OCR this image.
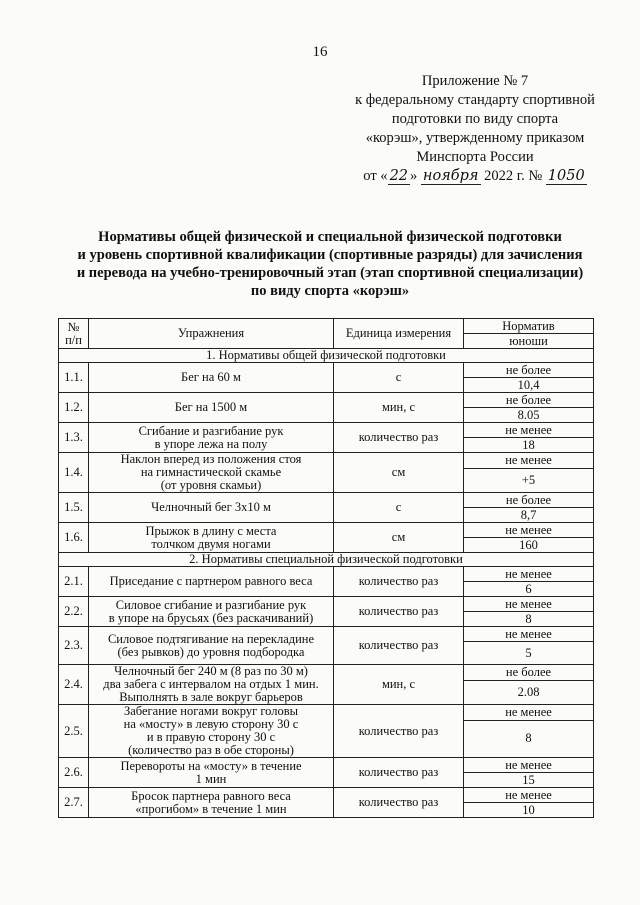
16
Приложение № 7
к федеральному стандарту спортивной
подготовки по виду спорта
«корэш», утвержденному приказом
Минспорта России
от « 22 » ноября 2022 г. № 1050
Нормативы общей физической и специальной физической подготовки
и уровень спортивной квалификации (спортивные разряды) для зачисления
и перевода на учебно-тренировочный этап (этап спортивной специализации)
по виду спорта «корэш»
№ п/п	Упражнения	Единица измерения	Норматив
			юноши
1. Нормативы общей физической подготовки			
1.1.	Бег на 60 м	с	не более
			10,4
1.2.	Бег на 1500 м	мин, с	не более
			8.05
1.3.	Сгибание и разгибание рук
в упоре лежа на полу	количество раз	не менее
			18
1.4.	Наклон вперед из положения стоя
на гимнастической скамье
(от уровня скамьи)	см	не менее
			+5
1.5.	Челночный бег 3х10 м	с	не более
			8,7
1.6.	Прыжок в длину с места
толчком двумя ногами	см	не менее
			160
2. Нормативы специальной физической подготовки			
2.1.	Приседание с партнером равного веса	количество раз	не менее
			6
2.2.	Силовое сгибание и разгибание рук
в упоре на брусьях (без раскачиваний)	количество раз	не менее
			8
2.3.	Силовое подтягивание на перекладине
(без рывков) до уровня подбородка	количество раз	не менее
			5
2.4.	Челночный бег 240 м (8 раз по 30 м)
два забега с интервалом на отдых 1 мин.
Выполнять в зале вокруг барьеров	мин, с	не более
			2.08
2.5.	Забегание ногами вокруг головы
на «мосту» в левую сторону 30 с
и в правую сторону 30 с
(количество раз в обе стороны)	количество раз	не менее
			8
2.6.	Перевороты на «мосту» в течение
1 мин	количество раз	не менее
			15
2.7.	Бросок партнера равного веса
«прогибом» в течение 1 мин	количество раз	не менее
			10
